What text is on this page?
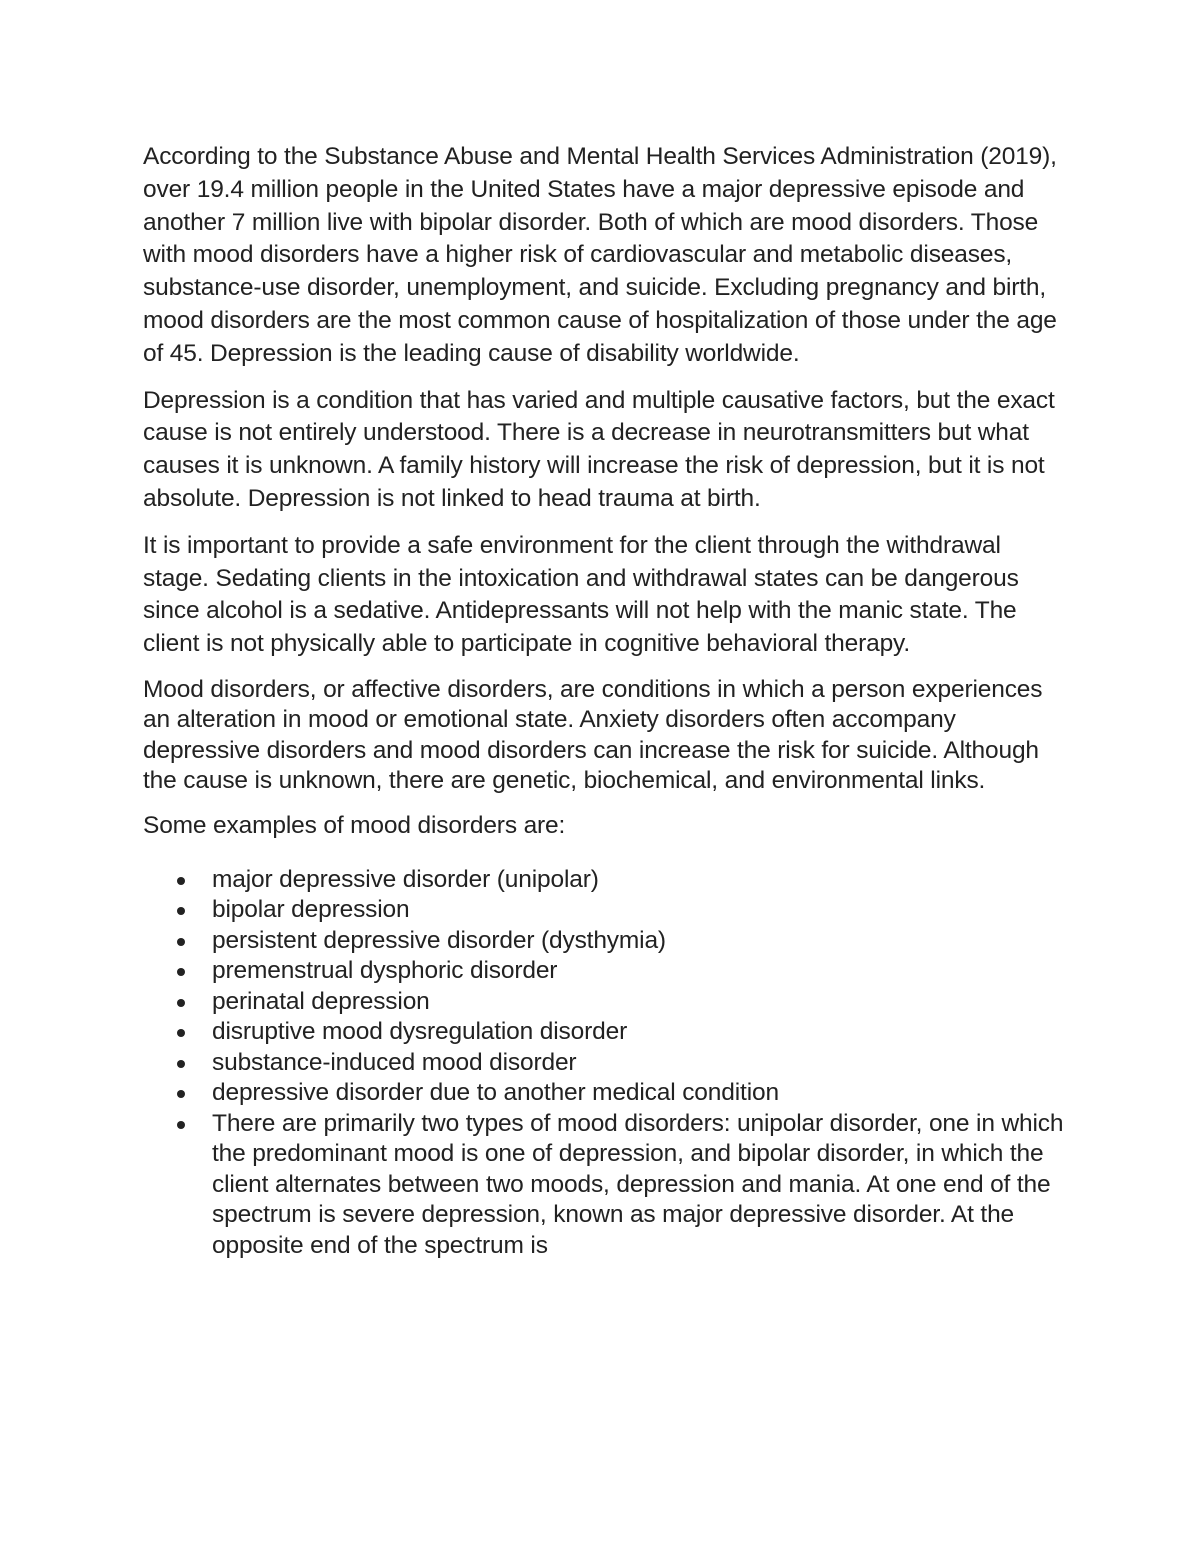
According to the Substance Abuse and Mental Health Services Administration (2019), over 19.4 million people in the United States have a major depressive episode and another 7 million live with bipolar disorder. Both of which are mood disorders. Those with mood disorders have a higher risk of cardiovascular and metabolic diseases, substance-use disorder, unemployment, and suicide. Excluding pregnancy and birth, mood disorders are the most common cause of hospitalization of those under the age of 45. Depression is the leading cause of disability worldwide.

Depression is a condition that has varied and multiple causative factors, but the exact cause is not entirely understood. There is a decrease in neurotransmitters but what causes it is unknown. A family history will increase the risk of depression, but it is not absolute. Depression is not linked to head trauma at birth.

It is important to provide a safe environment for the client through the withdrawal stage. Sedating clients in the intoxication and withdrawal states can be dangerous since alcohol is a sedative. Antidepressants will not help with the manic state. The client is not physically able to participate in cognitive behavioral therapy.

Mood disorders, or affective disorders, are conditions in which a person experiences an alteration in mood or emotional state. Anxiety disorders often accompany depressive disorders and mood disorders can increase the risk for suicide. Although the cause is unknown, there are genetic, biochemical, and environmental links.

Some examples of mood disorders are:

major depressive disorder (unipolar)
bipolar depression
persistent depressive disorder (dysthymia)
premenstrual dysphoric disorder
perinatal depression
disruptive mood dysregulation disorder
substance-induced mood disorder
depressive disorder due to another medical condition
There are primarily two types of mood disorders: unipolar disorder, one in which the predominant mood is one of depression, and bipolar disorder, in which the client alternates between two moods, depression and mania. At one end of the spectrum is severe depression, known as major depressive disorder. At the opposite end of the spectrum is
